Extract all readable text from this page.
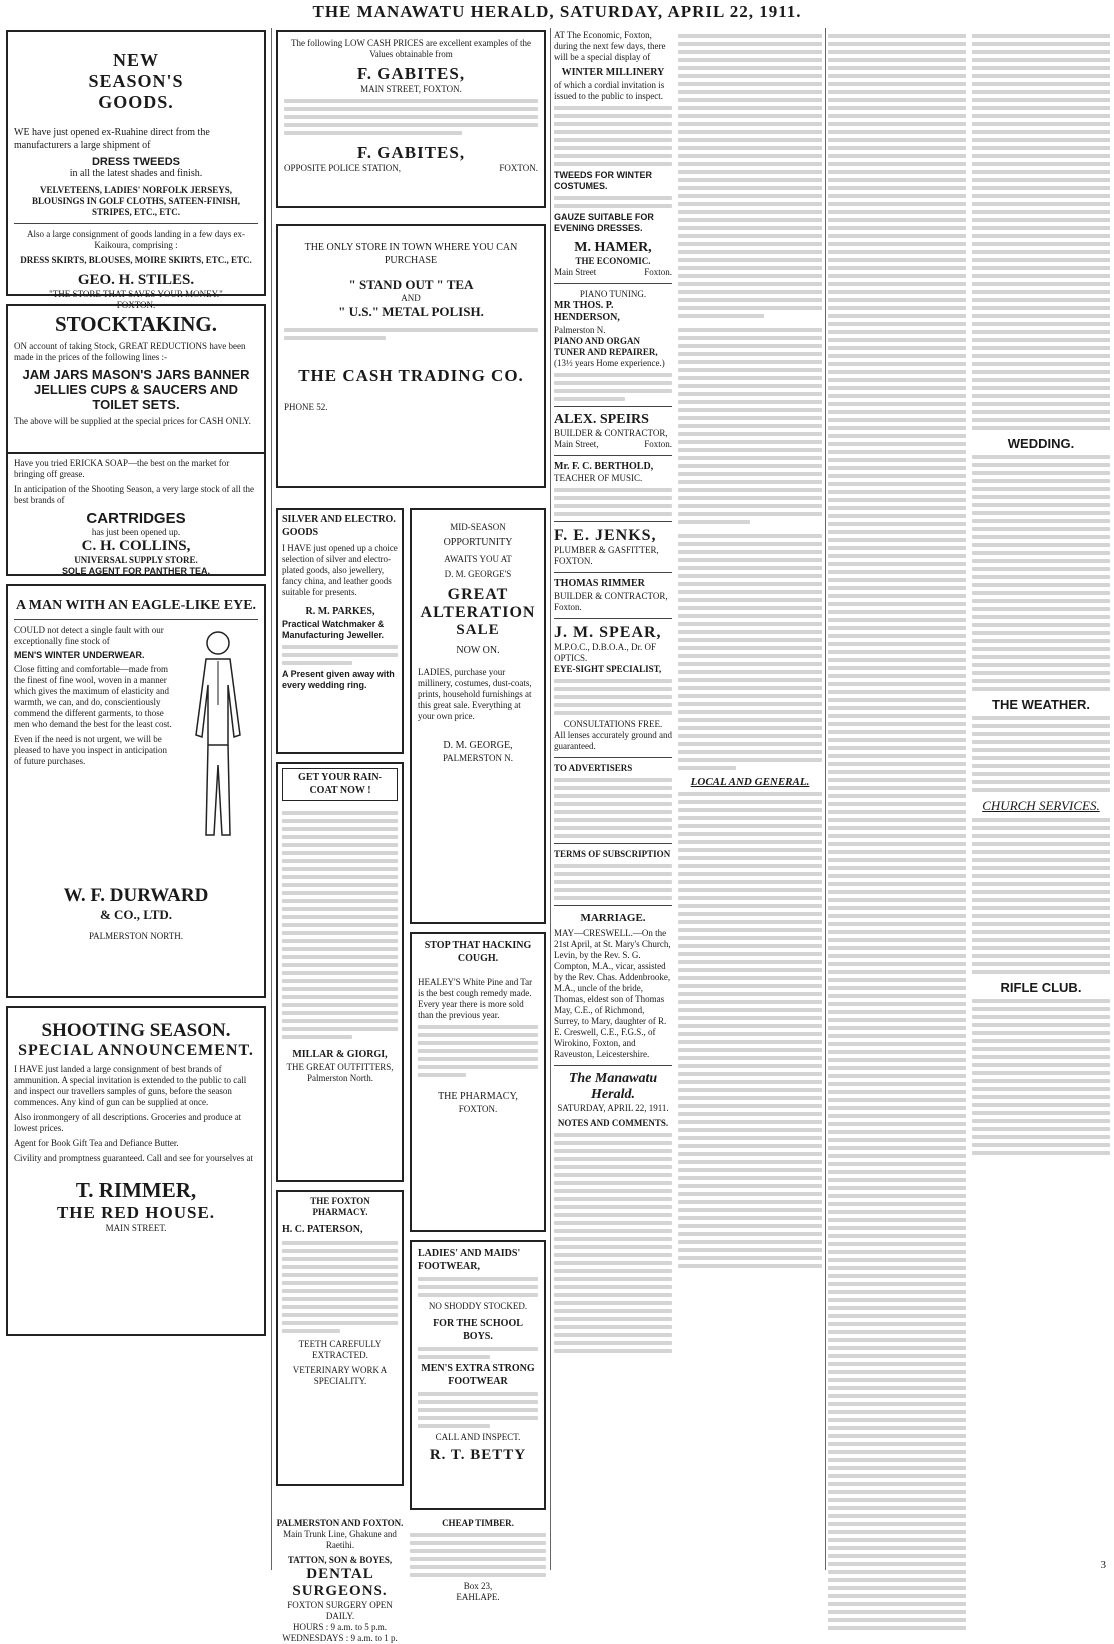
THE MANAWATU HERALD, SATURDAY, APRIL 22, 1911.
NEW
SEASON'S
GOODS.
WE have just opened ex-Ruahine direct from the manufacturers a large shipment of
DRESS TWEEDS
in all the latest shades and finish.
VELVETEENS, LADIES' NORFOLK JERSEYS, BLOUSINGS IN GOLF CLOTHS, SATEEN-FINISH, STRIPES, ETC., ETC.
Also a large consignment of goods landing in a few days ex-Kaikoura, comprising :
DRESS SKIRTS, BLOUSES, MOIRE SKIRTS, ETC., ETC.
GEO. H. STILES.
"THE STORE THAT SAVES YOUR MONEY."
FOXTON.
STOCKTAKING.
ON account of taking Stock, GREAT REDUCTIONS have been made in the prices of the following lines :-
JAM JARS MASON'S JARS BANNER JELLIES CUPS & SAUCERS AND TOILET SETS.
The above will be supplied at the special prices for CASH ONLY.
Have you tried ERICKA SOAP—the best on the market for bringing off grease.
In anticipation of the Shooting Season, a very large stock of all the best brands of
CARTRIDGES
has just been opened up.
C. H. COLLINS,
UNIVERSAL SUPPLY STORE.
SOLE AGENT FOR PANTHER TEA.
A MAN WITH AN EAGLE-LIKE EYE.
COULD not detect a single fault with our exceptionally fine stock of
MEN'S WINTER UNDERWEAR.
Close fitting and comfortable—made from the finest of fine wool, woven in a manner which gives the maximum of elasticity and warmth, we can, and do, conscientiously commend the different garments, to those men who demand the best for the least cost.
Even if the need is not urgent, we will be pleased to have you inspect in anticipation of future purchases.
W. F. DURWARD
& CO., LTD.
PALMERSTON NORTH.
SHOOTING SEASON.
SPECIAL ANNOUNCEMENT.
I HAVE just landed a large consignment of best brands of ammunition. A special invitation is extended to the public to call and inspect our travellers samples of guns, before the season commences. Any kind of gun can be supplied at once.
Also ironmongery of all descriptions. Groceries and produce at lowest prices.
Agent for Book Gift Tea and Defiance Butter.
Civility and promptness guaranteed. Call and see for yourselves at
T. RIMMER,
THE RED HOUSE.
MAIN STREET.
The following LOW CASH PRICES are excellent examples of the Values obtainable from
F. GABITES,
MAIN STREET, FOXTON.
F. GABITES,
OPPOSITE POLICE STATION,	FOXTON.
THE ONLY STORE IN TOWN WHERE YOU CAN PURCHASE
" STAND OUT " TEA
AND
" U.S." METAL POLISH.
THE CASH TRADING CO.
PHONE 52.
SILVER AND ELECTRO. GOODS
I HAVE just opened up a choice selection of silver and electro-plated goods, also jewellery, fancy china, and leather goods suitable for presents.
R. M. PARKES,
Practical Watchmaker & Manufacturing Jeweller.
A Present given away with every wedding ring.
GET YOUR RAIN-COAT NOW !
MILLAR & GIORGI,
THE GREAT OUTFITTERS,
Palmerston North.
THE FOXTON PHARMACY.
H. C. PATERSON,
TEETH CAREFULLY EXTRACTED.
VETERINARY WORK A SPECIALITY.
MID-SEASON
OPPORTUNITY
AWAITS YOU AT
D. M. GEORGE'S
GREAT
ALTERATION
SALE
NOW ON.
LADIES, purchase your millinery, costumes, dust-coats, prints, household furnishings at this great sale. Everything at your own price.
D. M. GEORGE,
PALMERSTON N.
STOP THAT HACKING COUGH.
HEALEY'S White Pine and Tar is the best cough remedy made. Every year there is more sold than the previous year.
THE PHARMACY,
FOXTON.
LADIES' AND MAIDS' FOOTWEAR,
NO SHODDY STOCKED.
FOR THE SCHOOL BOYS.
MEN'S EXTRA STRONG FOOTWEAR
CALL AND INSPECT.
R. T. BETTY
PALMERSTON AND FOXTON.
Main Trunk Line, Ghakune and Raetihi.
TATTON, SON & BOYES,
DENTAL SURGEONS.
FOXTON SURGERY OPEN DAILY.
HOURS : 9 a.m. to 5 p.m.
WEDNESDAYS : 9 a.m. to 1 p.
CHEAP TIMBER.
Box 23,
EAHLAPE.
AT The Economic, Foxton, during the next few days, there will be a special display of
WINTER MILLINERY
of which a cordial invitation is issued to the public to inspect.
TWEEDS FOR WINTER COSTUMES.
GAUZE SUITABLE FOR EVENING DRESSES.
M. HAMER,
THE ECONOMIC.
Main Street	Foxton.
PIANO TUNING.
MR THOS. P. HENDERSON,
Palmerston N.
PIANO AND ORGAN TUNER AND REPAIRER,
(13½ years Home experience.)
ALEX. SPEIRS
BUILDER & CONTRACTOR,
Main Street,	Foxton.
Mr. F. C. BERTHOLD,
TEACHER OF MUSIC.
F. E. JENKS,
PLUMBER & GASFITTER,
FOXTON.
THOMAS RIMMER
BUILDER & CONTRACTOR,
Foxton.
J. M. SPEAR,
M.P.O.C., D.B.O.A., Dr. OF OPTICS.
EYE-SIGHT SPECIALIST,
CONSULTATIONS FREE.
All lenses accurately ground and guaranteed.
TO ADVERTISERS
TERMS OF SUBSCRIPTION
MARRIAGE.
MAY—CRESWELL.—On the 21st April, at St. Mary's Church, Levin, by the Rev. S. G. Compton, M.A., vicar, assisted by the Rev. Chas. Addenbrooke, M.A., uncle of the bride, Thomas, eldest son of Thomas May, C.E., of Richmond, Surrey, to Mary, daughter of R. E. Creswell, C.E., F.G.S., of Wirokino, Foxton, and Raveuston, Leicestershire.
The Manawatu Herald.
SATURDAY, APRIL 22, 1911.
NOTES AND COMMENTS.
LOCAL AND GENERAL.
WEDDING.
THE WEATHER.
CHURCH SERVICES.
RIFLE CLUB.
3
